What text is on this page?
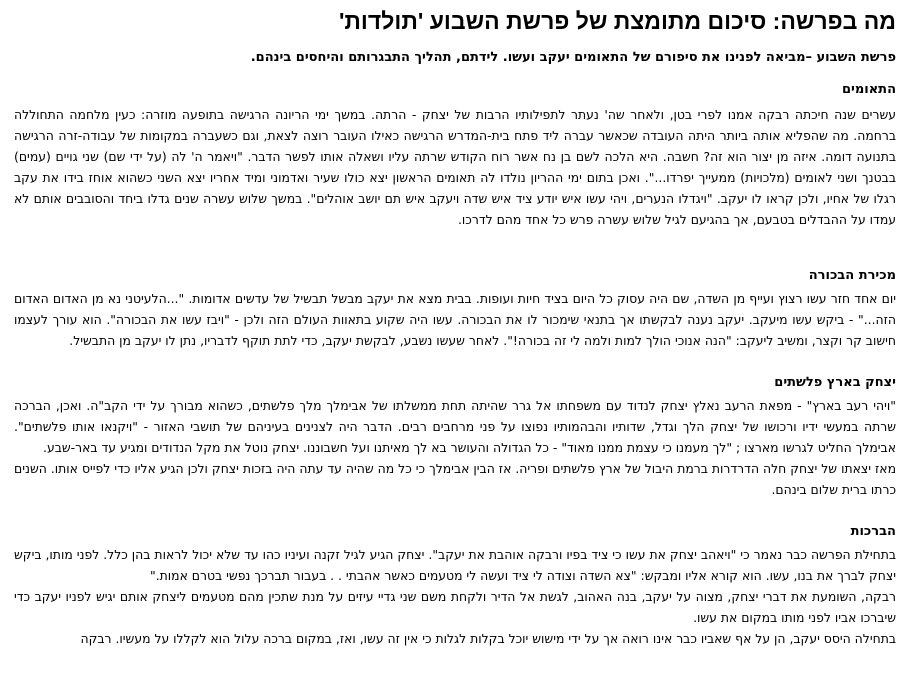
מה בפרשה: סיכום מתומצת של פרשת השבוע 'תולדות'

פרשת השבוע –מביאה לפנינו את סיפורם של התאומים יעקב ועשו. לידתם, תהליך התבגרותם והיחסים בינהם.

התאומים

עשרים שנה חיכתה רבקה אמנו לפרי בטן, ולאחר שה' נעתר לתפילותיו הרבות של יצחק - הרתה. במשך ימי הריונה הרגישה בתופעה מוזרה: כעין מלחמה התחוללה ברחמה. מה שהפליא אותה ביותר היתה העובדה שכאשר עברה ליד פתח בית-המדרש הרגישה כאילו העובר רוצה לצאת, וגם כשעברה במקומות של עבודה-זרה הרגישה בתנועה דומה. איזה מן יצור הוא זה? חשבה. היא הלכה לשם בן נח אשר רוח הקודש שרתה עליו ושאלה אותו לפשר הדבר. "ויאמר ה' לה (על ידי שם) שני גויים (עמים) בבטנך ושני לאומים (מלכויות) ממעייך יפרדו...". ואכן בתום ימי ההריון נולדו לה תאומים הראשון יצא כולו שעיר ואדמוני ומיד אחריו יצא השני כשהוא אוחז בידו את עקב רגלו של אחיו, ולכן קראו לו יעקב. "ויגדלו הנערים, ויהי עשו איש יודע ציד איש שדה ויעקב איש תם יושב אוהלים". במשך שלוש עשרה שנים גדלו ביחד והסובבים אותם לא עמדו על ההבדלים בטבעם, אך בהגיעם לגיל שלוש עשרה פרש כל אחד מהם לדרכו.

מכירת הבכורה

יום אחד חזר עשו רצוץ ועייף מן השדה, שם היה עסוק כל היום בציד חיות ועופות. בבית מצא את יעקב מבשל תבשיל של עדשים אדומות. "...הלעיטני נא מן האדום האדום הזה..." - ביקש עשו מיעקב. יעקב נענה לבקשתו אך בתנאי שימכור לו את הבכורה. עשו היה שקוע בתאוות העולם הזה ולכן - "ויבז עשו את הבכורה". הוא עורך לעצמו חישוב קר וקצר, ומשיב ליעקב: "הנה אנוכי הולך למות ולמה לי זה בכורה!". לאחר שעשו נשבע, לבקשת יעקב, כדי לתת תוקף לדבריו, נתן לו יעקב מן התבשיל.

יצחק בארץ פלשתים

"ויהי רעב בארץ" - מפאת הרעב נאלץ יצחק לנדוד עם משפחתו אל גרר שהיתה תחת ממשלתו של אבימלך מלך פלשתים, כשהוא מבורך על ידי הקב"ה. ואכן, הברכה שרתה במעשי ידיו ורכושו של יצחק הלך וגדל, שדותיו והבהמותיו נפוצו על פני מרחבים רבים. הדבר היה לצנינים בעיניהם של תושבי האזור - "ויקנאו אותו פלשתים". אבימלך החליט לגרשו מארצו ; "לך מעמנו כי עצמת ממנו מאוד" - כל הגדולה והעושר בא לך מאיתנו ועל חשבוננו. יצחק נוטל את מקל הנדודים ומגיע עד באר-שבע.

מאז יצאתו של יצחק חלה הדרדרות ברמת היבול של ארץ פלשתים ופריה. אז הבין אבימלך כי כל מה שהיה עד עתה היה בזכות יצחק ולכן הגיע אליו כדי לפייס אותו. השנים כרתו ברית שלום בינהם.

הברכות

בתחילת הפרשה כבר נאמר כי "ויאהב יצחק את עשו כי ציד בפיו ורבקה אוהבת את יעקב". יצחק הגיע לגיל זקנה ועיניו כהו עד שלא יכול לראות בהן כלל. לפני מותו, ביקש יצחק לברך את בנו, עשו. הוא קורא אליו ומבקש: "צא השדה וצודה לי ציד ועשה לי מטעמים כאשר אהבתי . . בעבור תברכך נפשי בטרם אמות."

רבקה, השומעת את דברי יצחק, מצוה על יעקב, בנה האהוב, לגשת אל הדיר ולקחת משם שני גדיי עיזים על מנת שתכין מהם מטעמים ליצחק אותם יגיש לפניו יעקב כדי שיברכו אביו לפני מותו במקום את עשו.

בתחילה היסס יעקב, הן על אף שאביו כבר אינו רואה אך על ידי מישוש יוכל בקלות לגלות כי אין זה עשו, ואז, במקום ברכה עלול הוא לקללו על מעשיו. רבקה
